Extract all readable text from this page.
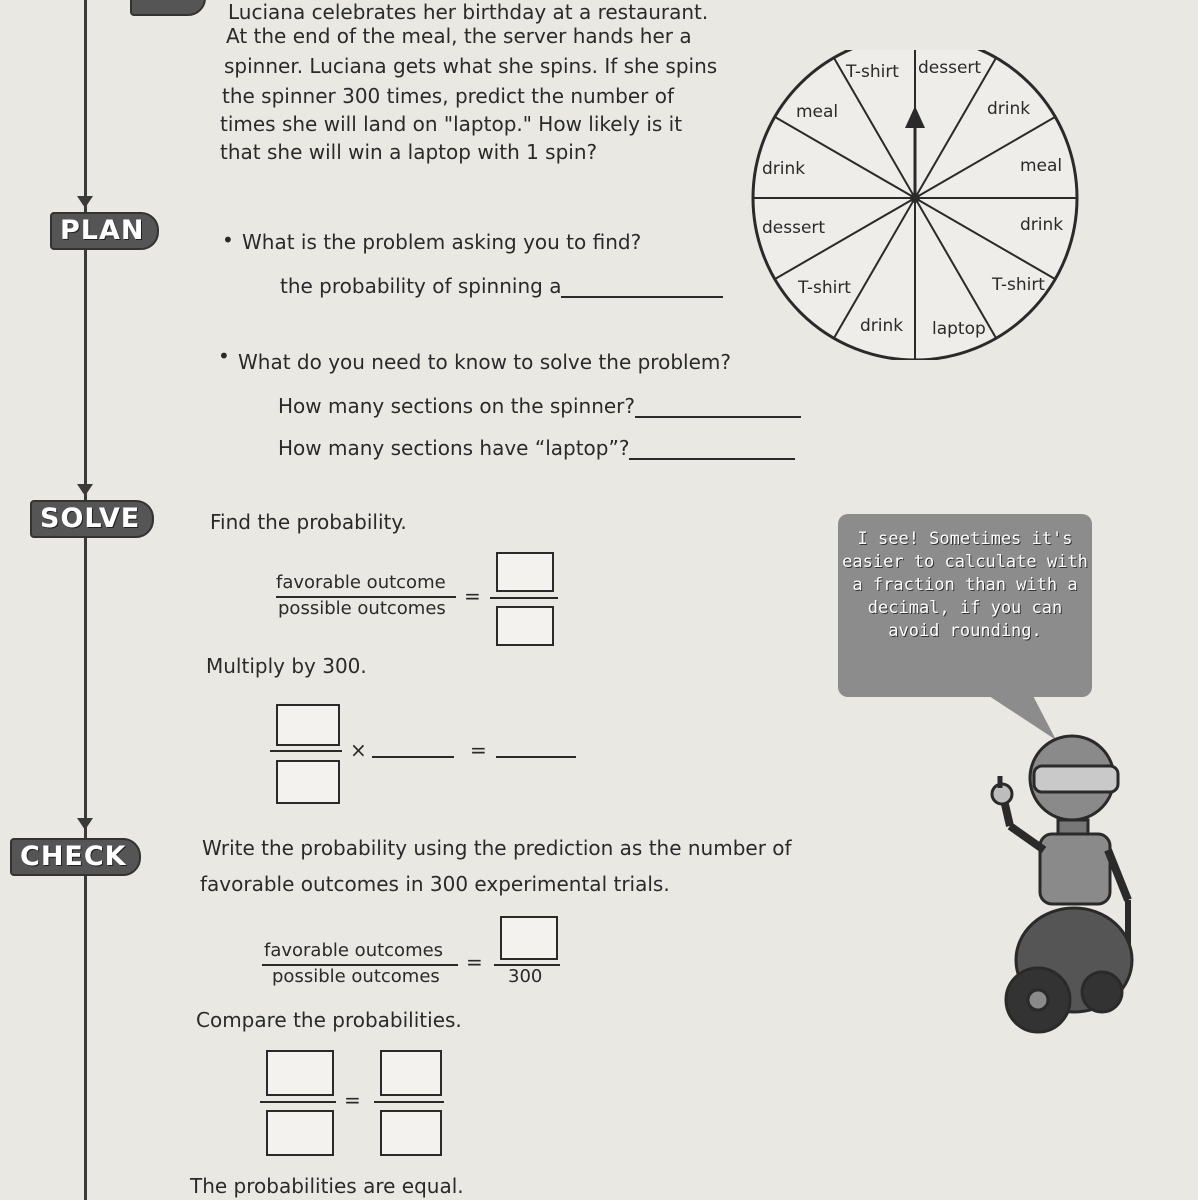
Luciana celebrates her birthday at a restaurant.
At the end of the meal, the server hands her a
spinner. Luciana gets what she spins. If she spins
the spinner 300 times, predict the number of
times she will land on "laptop." How likely is it
that she will win a laptop with 1 spin?
T-shirt dessert
drink
meal
drink
T-shirt
laptop
drink
T-shirt
dessert
drink
meal
PLAN	• What is the problem asking you to find?
the probability of spinning a
• What do you need to know to solve the problem?
How many sections on the spinner?
How many sections have “laptop”?
SOLVE	Find the probability.
favorable outcome
possible outcomes
=
Multiply by 300.
×	=
I see! Sometimes it's easier to calculate with a fraction than with a decimal, if you can avoid rounding.
CHECK	Write the probability using the prediction as the number of
favorable outcomes in 300 experimental trials.
favorable outcomes
possible outcomes
=
300
Compare the probabilities.
=
The probabilities are equal.
